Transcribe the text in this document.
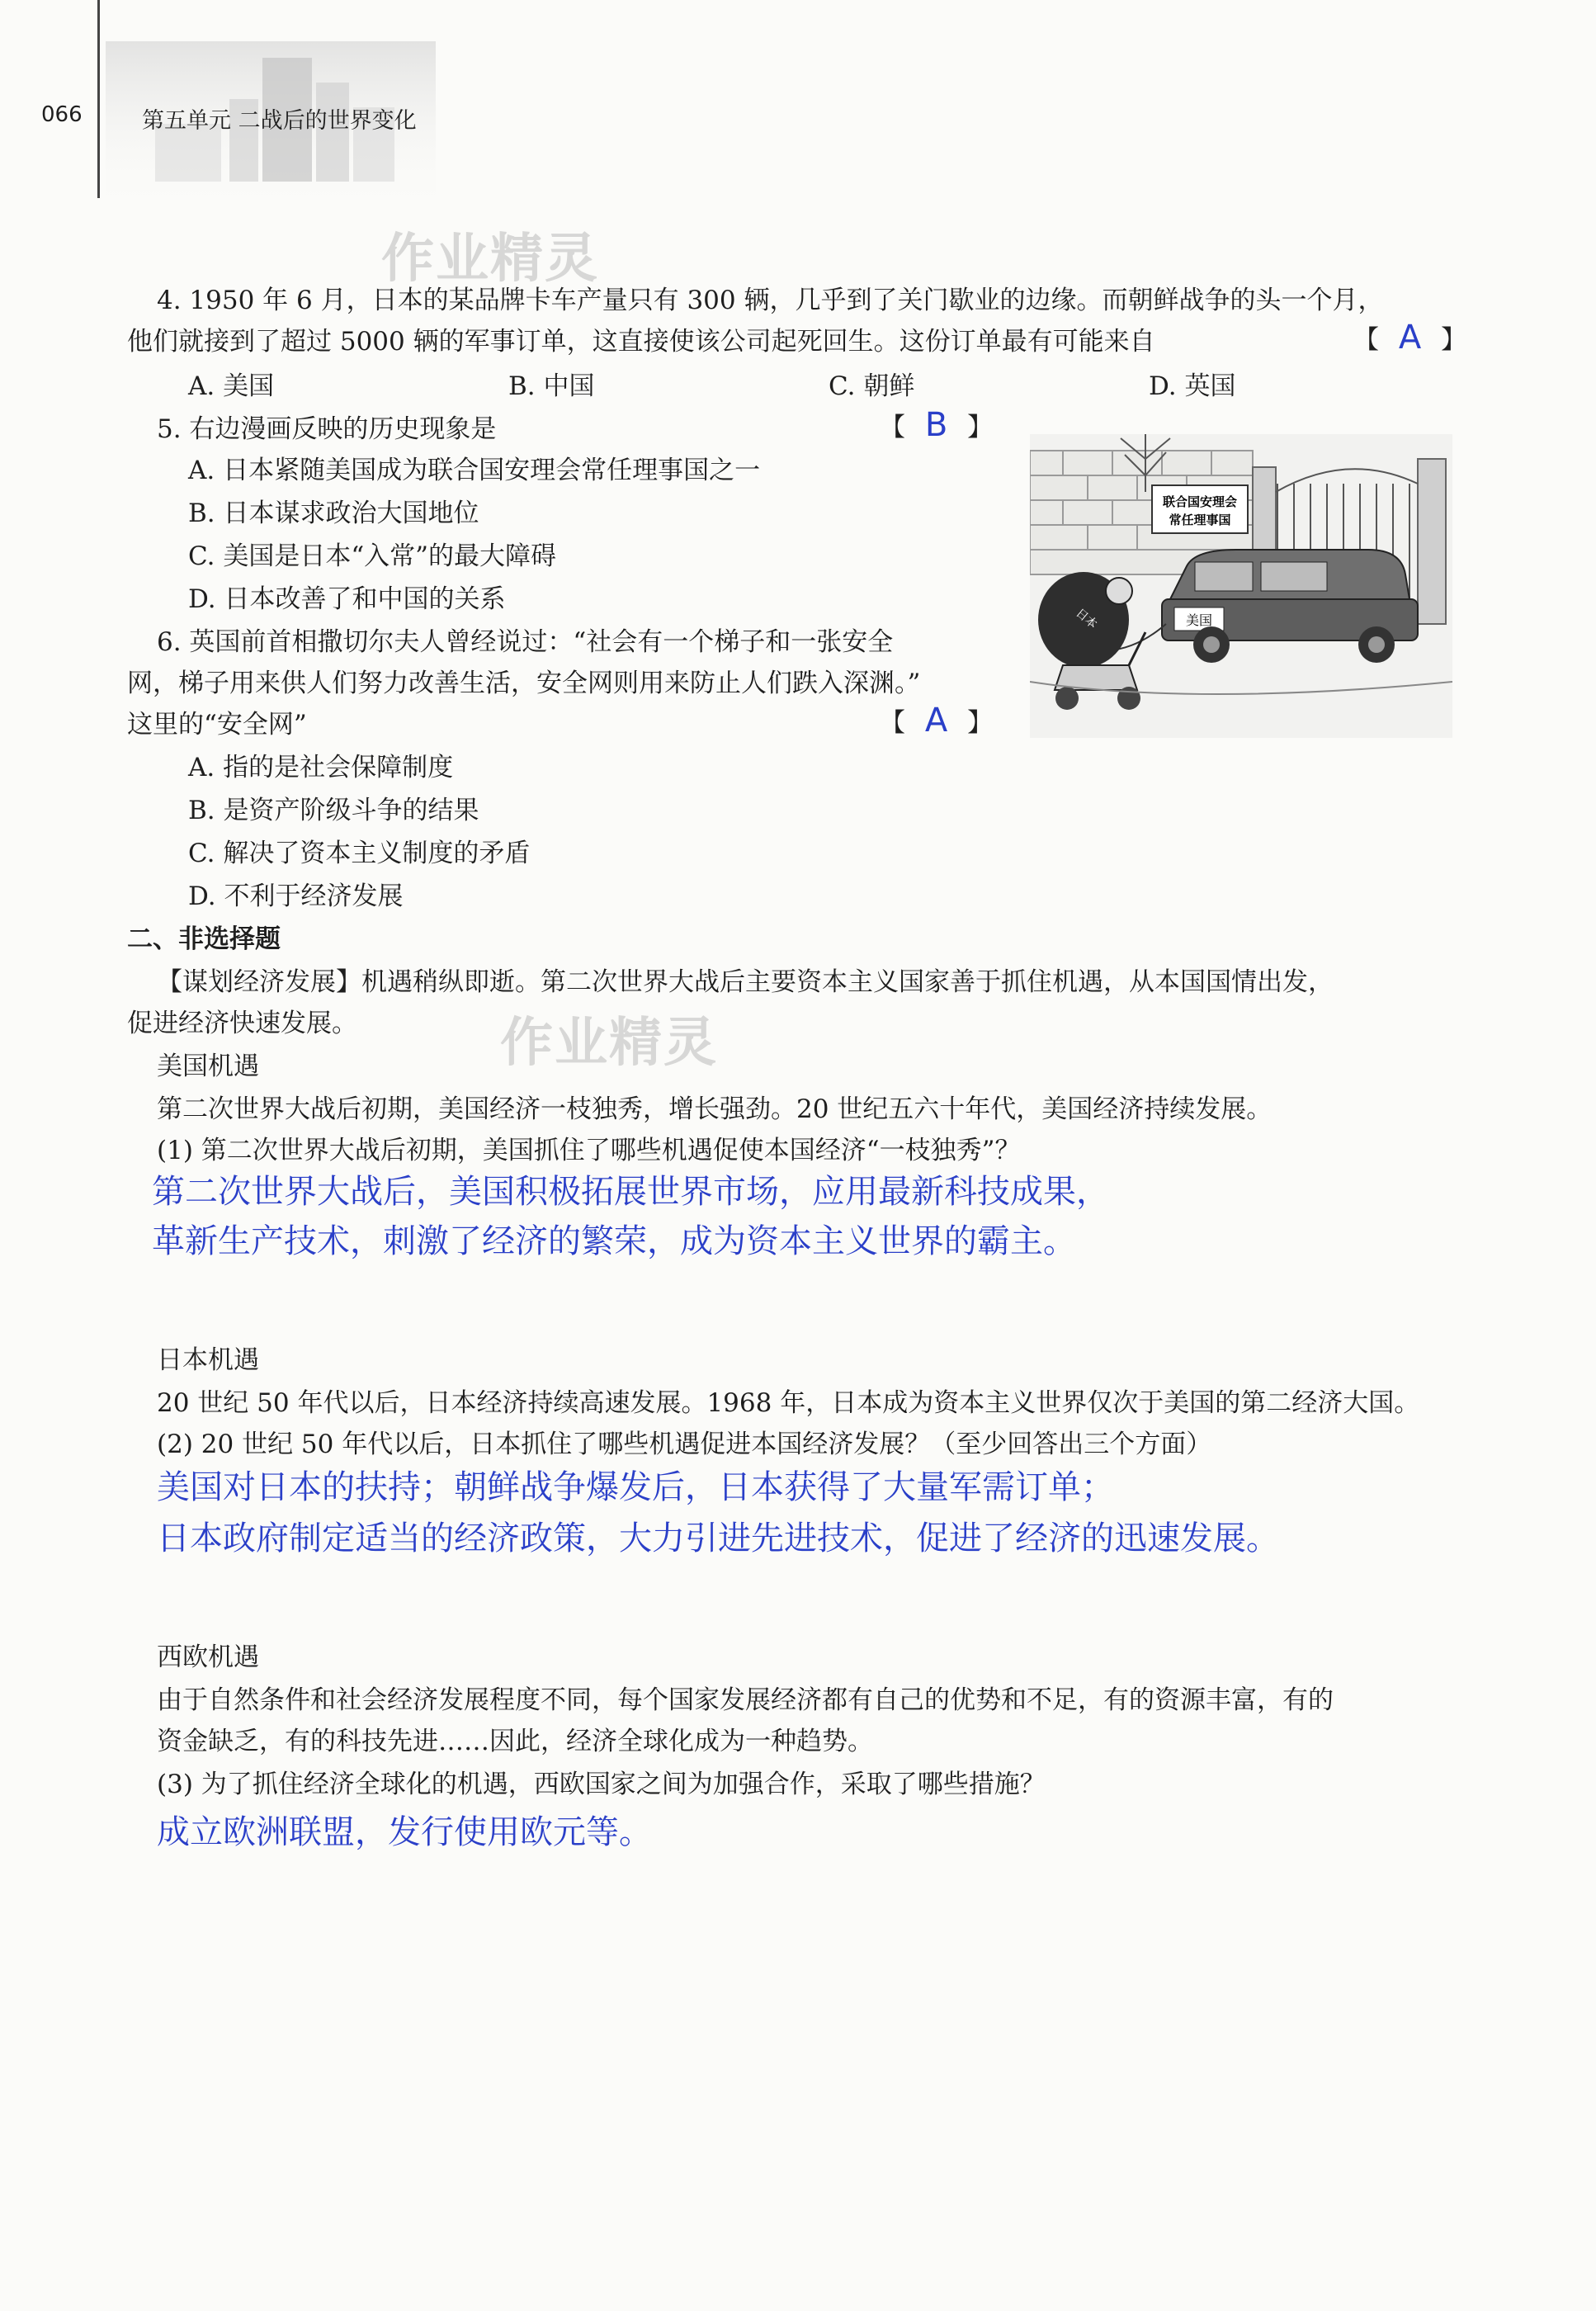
066	第五单元 二战后的世界变化
作业精灵
作业精灵
4. 1950 年 6 月，日本的某品牌卡车产量只有 300 辆，几乎到了关门歇业的边缘。而朝鲜战争的头一个月，
他们就接到了超过 5000 辆的军事订单，这直接使该公司起死回生。这份订单最有可能来自	【 A 】
A. 美国	B. 中国	C. 朝鲜	D. 英国
5. 右边漫画反映的历史现象是	【 B 】
A. 日本紧随美国成为联合国安理会常任理事国之一
B. 日本谋求政治大国地位
C. 美国是日本“入常”的最大障碍
D. 日本改善了和中国的关系
联合国安理会
常任理事国
美国
日本
6. 英国前首相撒切尔夫人曾经说过：“社会有一个梯子和一张安全
网，梯子用来供人们努力改善生活，安全网则用来防止人们跌入深渊。”
这里的“安全网”	【 A 】
A. 指的是社会保障制度
B. 是资产阶级斗争的结果
C. 解决了资本主义制度的矛盾
D. 不利于经济发展
二、非选择题
【谋划经济发展】机遇稍纵即逝。第二次世界大战后主要资本主义国家善于抓住机遇，从本国国情出发，
促进经济快速发展。
美国机遇
第二次世界大战后初期，美国经济一枝独秀，增长强劲。20 世纪五六十年代，美国经济持续发展。
(1) 第二次世界大战后初期，美国抓住了哪些机遇促使本国经济“一枝独秀”？
第二次世界大战后，美国积极拓展世界市场，应用最新科技成果，
革新生产技术，刺激了经济的繁荣，成为资本主义世界的霸主。
日本机遇
20 世纪 50 年代以后，日本经济持续高速发展。1968 年，日本成为资本主义世界仅次于美国的第二经济大国。
(2) 20 世纪 50 年代以后，日本抓住了哪些机遇促进本国经济发展？（至少回答出三个方面）
美国对日本的扶持；朝鲜战争爆发后，日本获得了大量军需订单；
日本政府制定适当的经济政策，大力引进先进技术，促进了经济的迅速发展。
西欧机遇
由于自然条件和社会经济发展程度不同，每个国家发展经济都有自己的优势和不足，有的资源丰富，有的
资金缺乏，有的科技先进……因此，经济全球化成为一种趋势。
(3) 为了抓住经济全球化的机遇，西欧国家之间为加强合作，采取了哪些措施？
成立欧洲联盟，发行使用欧元等。
